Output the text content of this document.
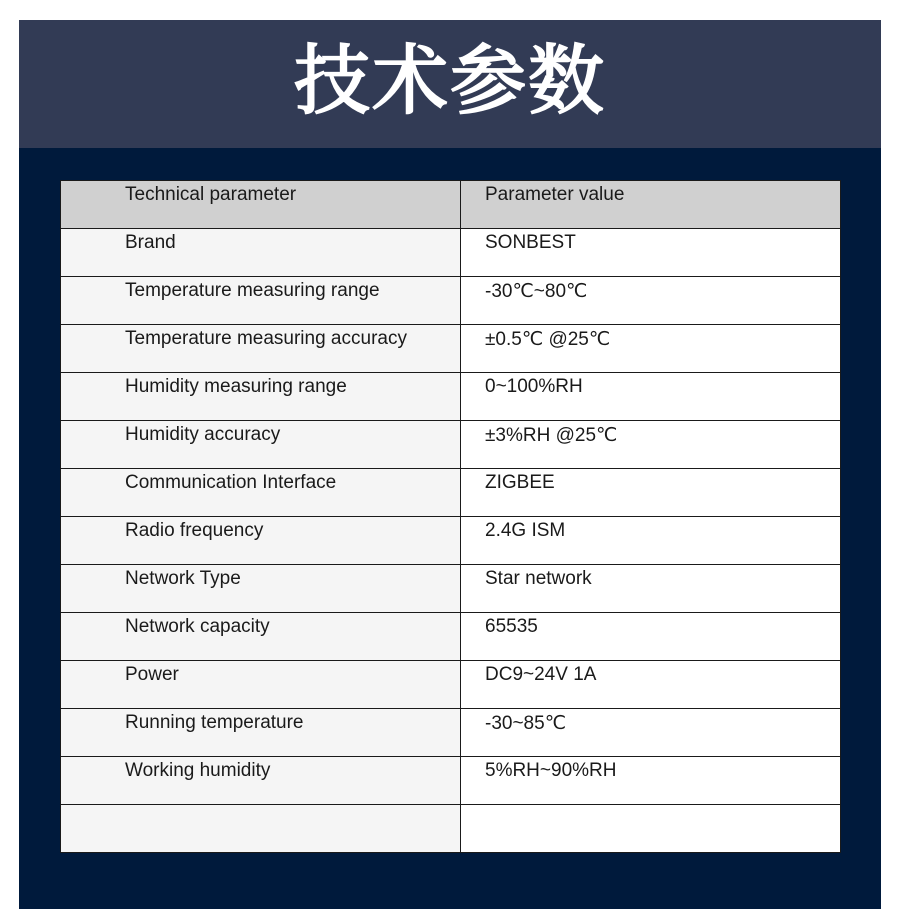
技术参数
Technical parameter	Parameter value

Brand	SONBEST

Temperature measuring range	-30℃~80℃

Temperature measuring accuracy	±0.5℃ @25℃

Humidity measuring range	0~100%RH

Humidity accuracy	±3%RH @25℃

Communication Interface	ZIGBEE

Radio frequency	2.4G ISM

Network Type	Star network

Network capacity	65535

Power	DC9~24V 1A

Running temperature	-30~85℃

Working humidity	5%RH~90%RH
